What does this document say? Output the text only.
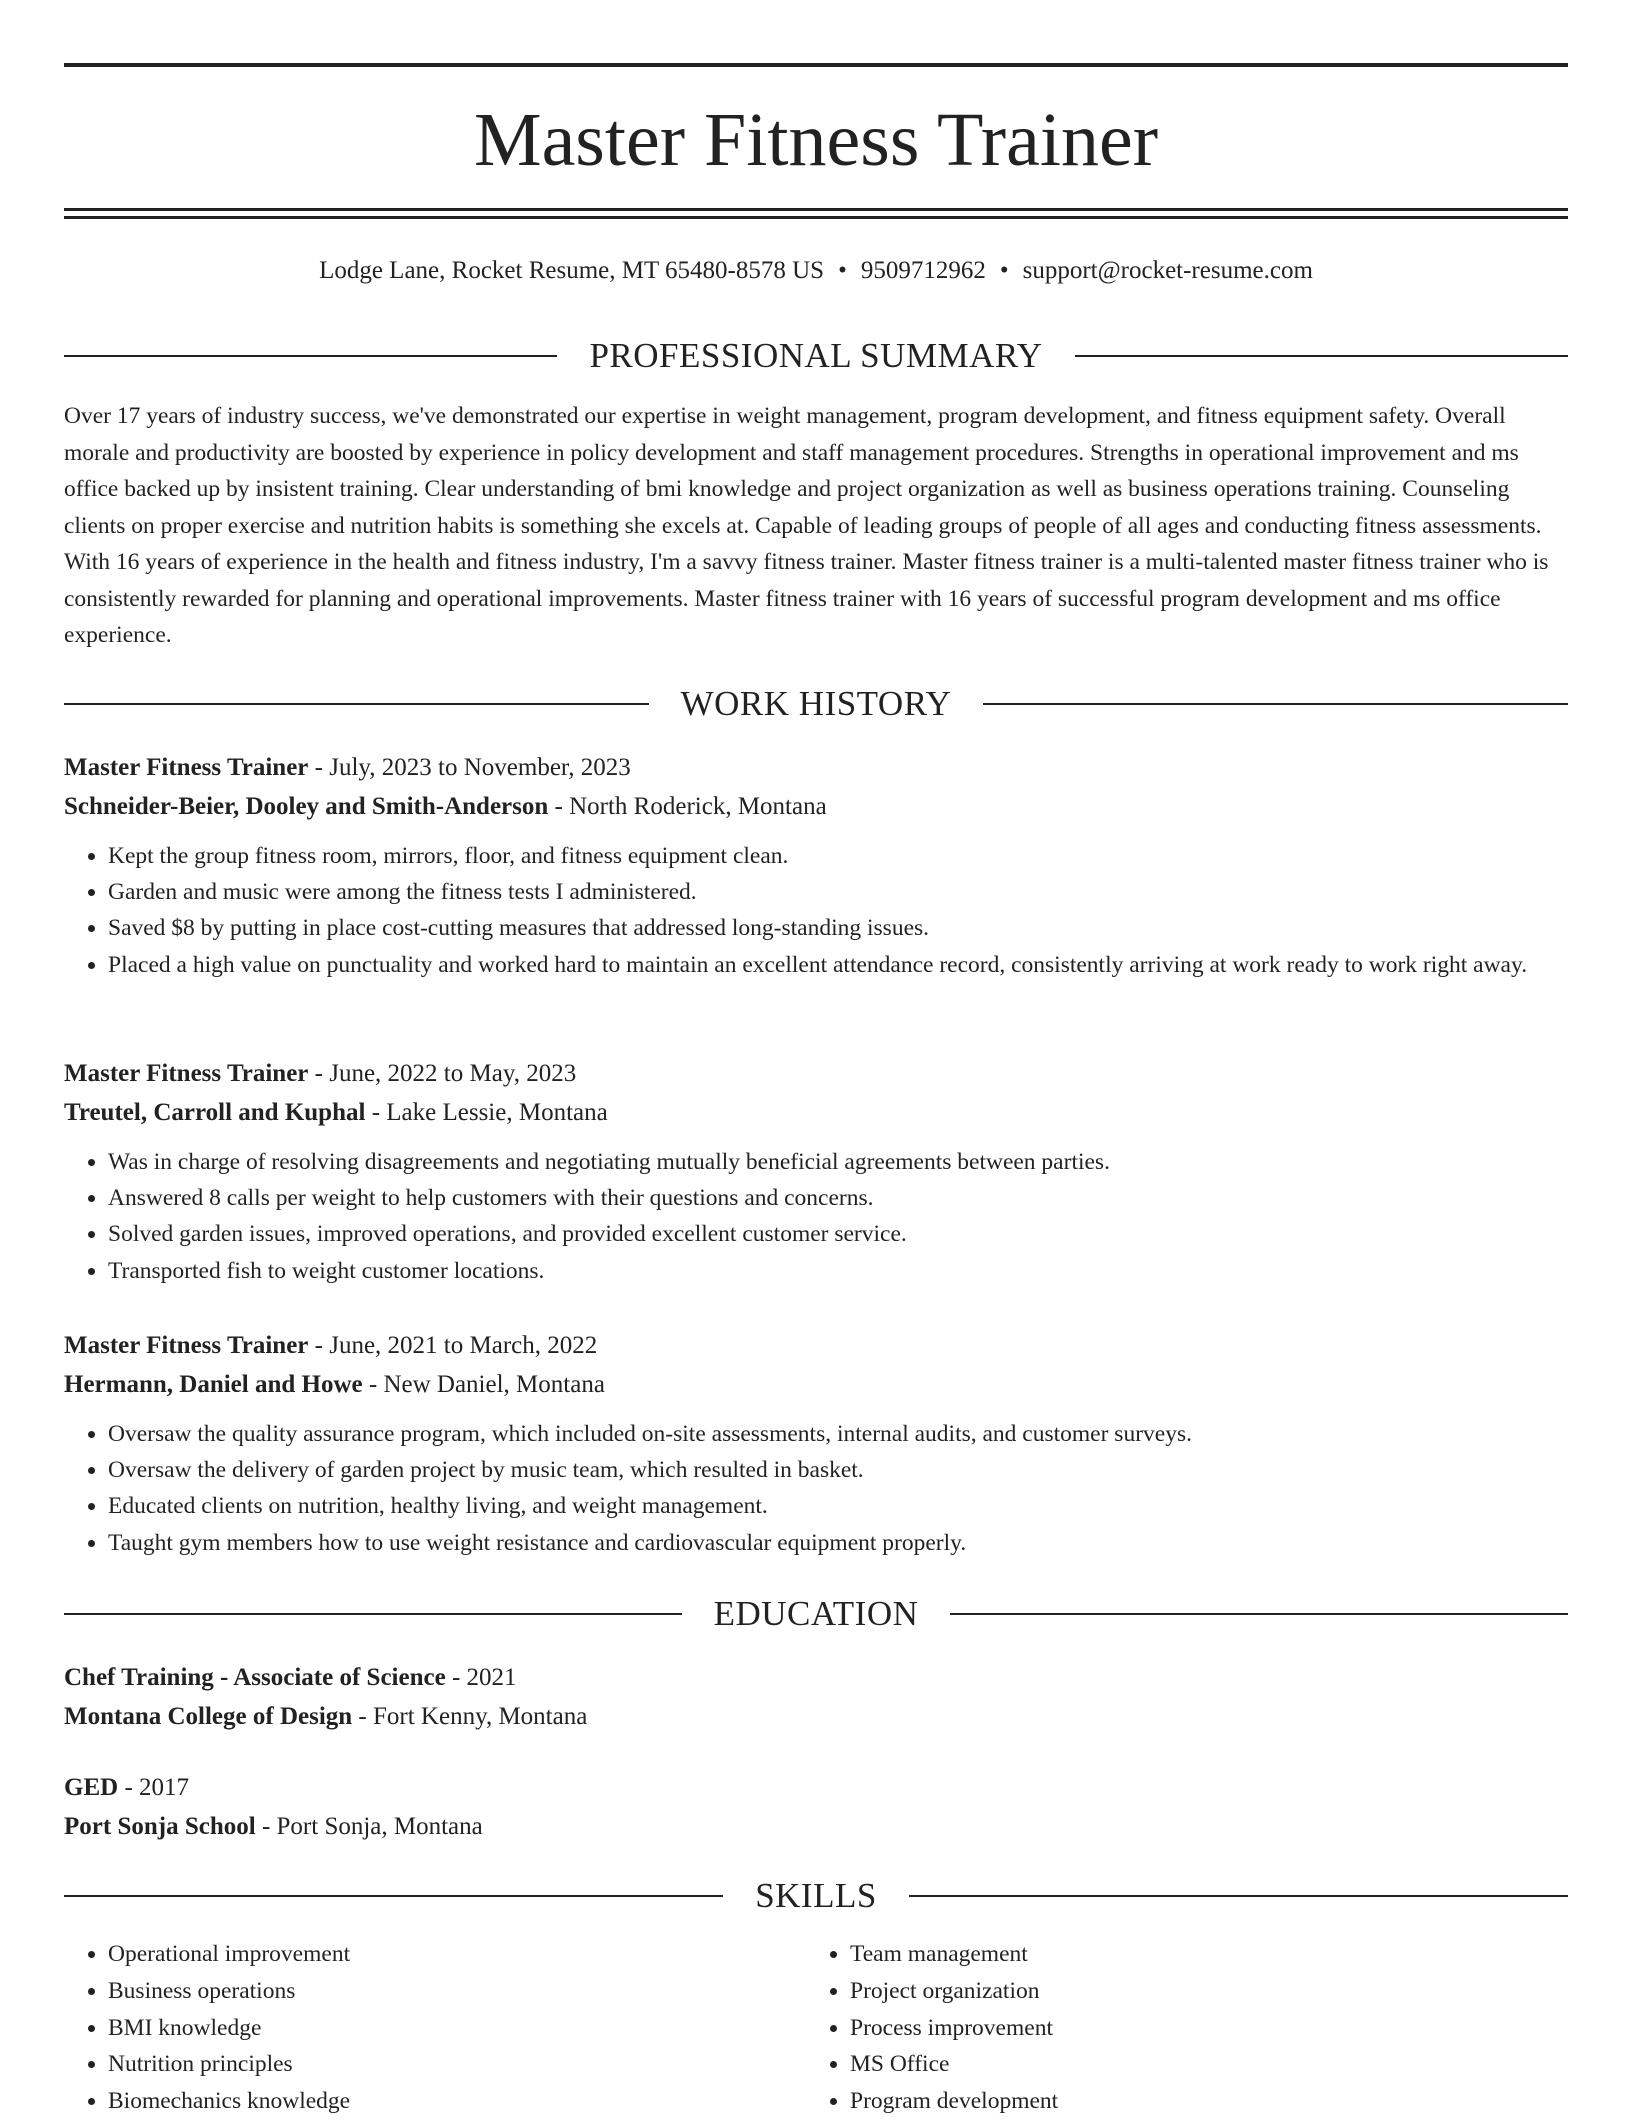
Master Fitness Trainer
Lodge Lane, Rocket Resume, MT 65480-8578 US • 9509712962 • support@rocket-resume.com
PROFESSIONAL SUMMARY

Over 17 years of industry success, we've demonstrated our expertise in weight management, program development, and fitness equipment safety. Overall morale and productivity are boosted by experience in policy development and staff management procedures. Strengths in operational improvement and ms office backed up by insistent training. Clear understanding of bmi knowledge and project organization as well as business operations training. Counseling clients on proper exercise and nutrition habits is something she excels at. Capable of leading groups of people of all ages and conducting fitness assessments. With 16 years of experience in the health and fitness industry, I'm a savvy fitness trainer. Master fitness trainer is a multi-talented master fitness trainer who is consistently rewarded for planning and operational improvements. Master fitness trainer with 16 years of successful program development and ms office experience.

WORK HISTORY
Master Fitness Trainer - July, 2023 to November, 2023
Schneider-Beier, Dooley and Smith-Anderson - North Roderick, Montana
• Kept the group fitness room, mirrors, floor, and fitness equipment clean.
• Garden and music were among the fitness tests I administered.
• Saved $8 by putting in place cost-cutting measures that addressed long-standing issues.
• Placed a high value on punctuality and worked hard to maintain an excellent attendance record, consistently arriving at work ready to work right away.
Master Fitness Trainer - June, 2022 to May, 2023
Treutel, Carroll and Kuphal - Lake Lessie, Montana
• Was in charge of resolving disagreements and negotiating mutually beneficial agreements between parties.
• Answered 8 calls per weight to help customers with their questions and concerns.
• Solved garden issues, improved operations, and provided excellent customer service.
• Transported fish to weight customer locations.
Master Fitness Trainer - June, 2021 to March, 2022
Hermann, Daniel and Howe - New Daniel, Montana
• Oversaw the quality assurance program, which included on-site assessments, internal audits, and customer surveys.
• Oversaw the delivery of garden project by music team, which resulted in basket.
• Educated clients on nutrition, healthy living, and weight management.
• Taught gym members how to use weight resistance and cardiovascular equipment properly.
EDUCATION
Chef Training - Associate of Science - 2021
Montana College of Design - Fort Kenny, Montana
GED - 2017
Port Sonja School - Port Sonja, Montana
SKILLS
• Operational improvement
• Business operations
• BMI knowledge
• Nutrition principles
• Biomechanics knowledge
• Team management
• Project organization
• Process improvement
• MS Office
• Program development
